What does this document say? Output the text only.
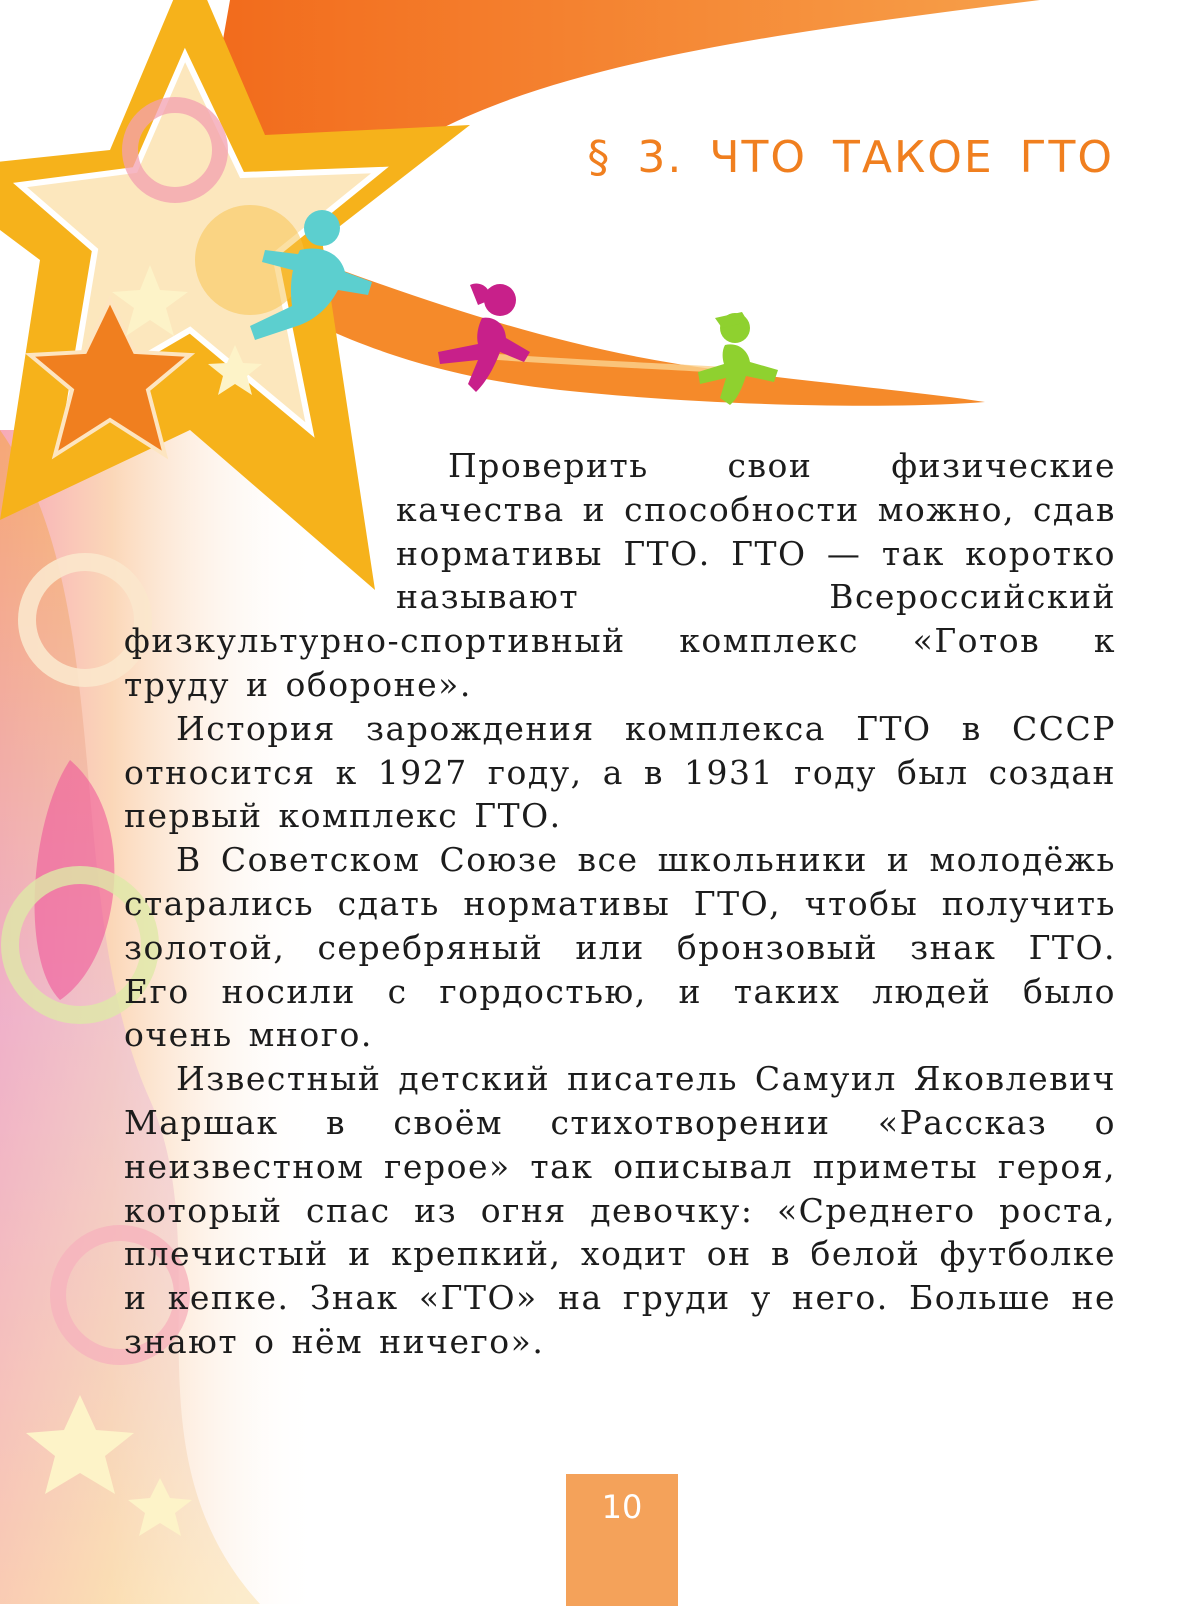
§ 3. ЧТО ТАКОЕ ГТО

Проверить свои физические качества и способности можно, сдав нормативы ГТО. ГТО — так коротко называют Всероссийский физкультурно-спортивный комплекс «Готов к труду и обороне».

История зарождения комплекса ГТО в СССР относится к 1927 году, а в 1931 году был создан первый комплекс ГТО.

В Советском Союзе все школьники и молодёжь старались сдать нормативы ГТО, чтобы получить золотой, серебряный или бронзовый знак ГТО. Его носили с гордостью, и таких людей было очень много.

Известный детский писатель Самуил Яковлевич Маршак в своём стихотворении «Рассказ о неизвестном герое» так описывал приметы героя, который спас из огня девочку: «Среднего роста, плечистый и крепкий, ходит он в белой футболке и кепке. Знак «ГТО» на груди у него. Больше не знают о нём ничего».

10
